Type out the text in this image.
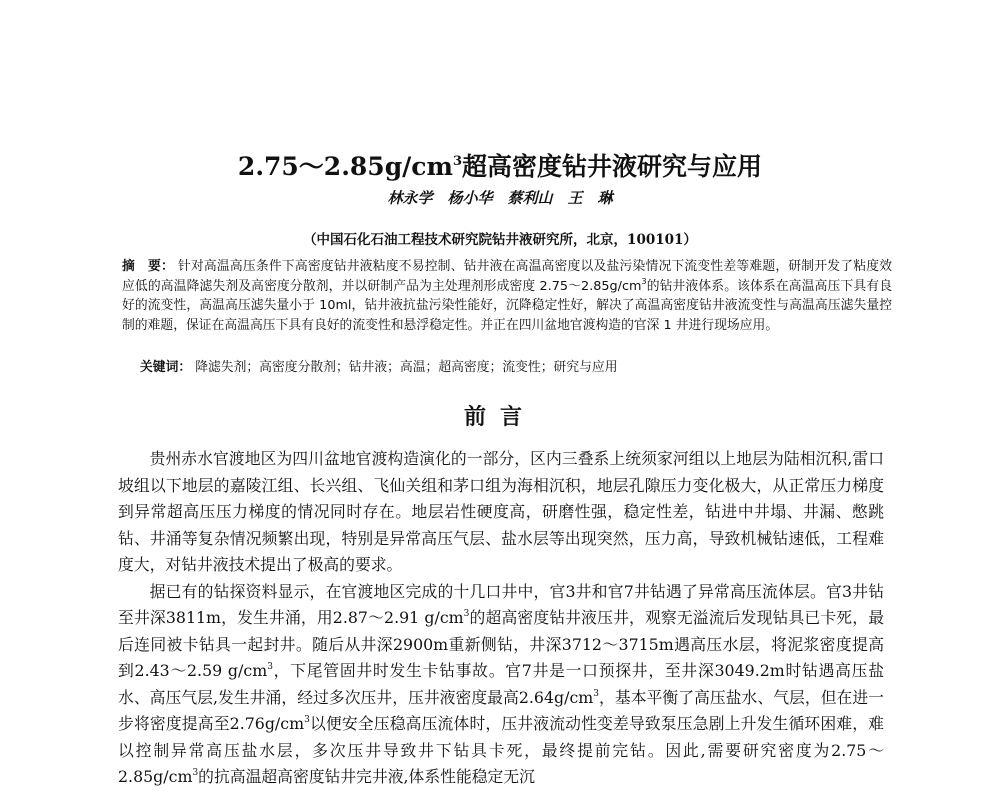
$2.75\sim 2.85g/cm^3$超高密度钻井液研究与应用
林永学　杨小华　蔡利山　王　琳
（中国石化石油工程技术研究院钻井液研究所，北京，100101）
摘　要： 针对高温高压条件下高密度钻井液粘度不易控制、钻井液在高温高密度以及盐污染情况下流变性差等难题，研制开发了粘度效应低的高温降滤失剂及高密度分散剂，并以研制产品为主处理剂形成密度 $2.75\sim 2.85g/cm^3$的钻井液体系。该体系在高温高压下具有良好的流变性，高温高压滤失量小于 10ml，钻井液抗盐污染性能好，沉降稳定性好，解决了高温高密度钻井液流变性与高温高压滤失量控制的难题，保证在高温高压下具有良好的流变性和悬浮稳定性。并正在四川盆地官渡构造的官深 1 井进行现场应用。
关键词： 降滤失剂；高密度分散剂；钻井液；高温；超高密度；流变性；研究与应用
前言

贵州赤水官渡地区为四川盆地官渡构造演化的一部分，区内三叠系上统须家河组以上地层为陆相沉积,雷口坡组以下地层的嘉陵江组、长兴组、飞仙关组和茅口组为海相沉积，地层孔隙压力变化极大，从正常压力梯度到异常超高压压力梯度的情况同时存在。地层岩性硬度高，研磨性强，稳定性差，钻进中井塌、井漏、憋跳钻、井涌等复杂情况频繁出现，特别是异常高压气层、盐水层等出现突然，压力高，导致机械钻速低，工程难度大，对钻井液技术提出了极高的要求。

据已有的钻探资料显示，在官渡地区完成的十几口井中，官3井和官7井钻遇了异常高压流体层。官3井钻至井深3811m，发生井涌，用2.87～2.91 $g/cm^3$的超高密度钻井液压井，观察无溢流后发现钻具已卡死，最后连同被卡钻具一起封井。随后从井深2900m重新侧钻，井深3712～3715m遇高压水层，将泥浆密度提高到2.43～2.59 $g/cm^3$，下尾管固井时发生卡钻事故。官7井是一口预探井，至井深3049.2m时钻遇高压盐水、高压气层,发生井涌，经过多次压井，压井液密度最高$2.64g/cm^3$，基本平衡了高压盐水、气层，但在进一步将密度提高至$2.76g/cm^3$以便安全压稳高压流体时，压井液流动性变差导致泵压急剧上升发生循环困难，难以控制异常高压盐水层，多次压井导致井下钻具卡死，最终提前完钻。因此,需要研究密度为$2.75\sim 2.85g/cm^3$的抗高温超高密度钻井完井液,体系性能稳定无沉
